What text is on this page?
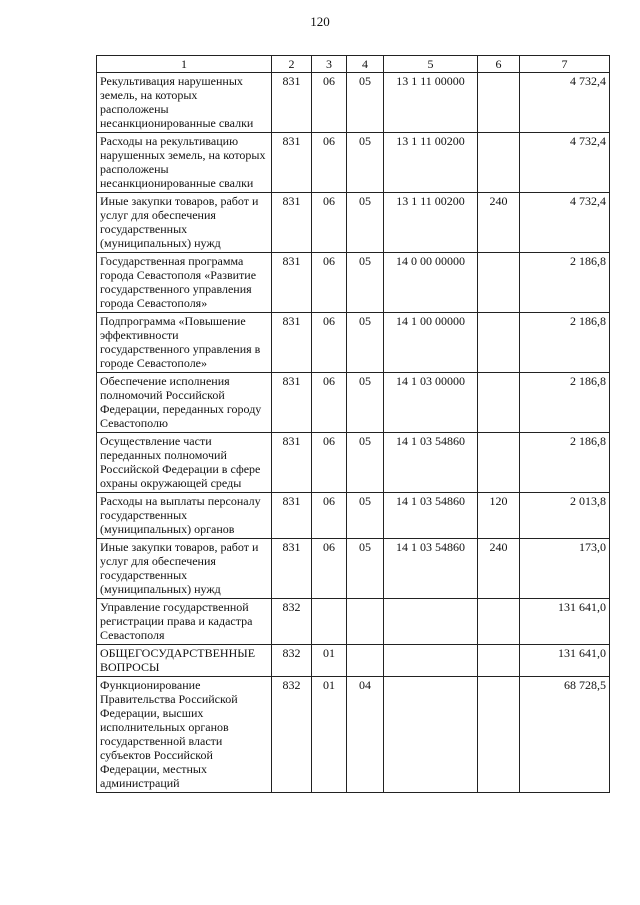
120
1	2	3	4	5	6	7
Рекультивация нарушенных земель, на которых расположены несанкционированные свалки	831	06	05	13 1 11 00000		4 732,4
Расходы на рекультивацию нарушенных земель, на которых расположены несанкционированные свалки	831	06	05	13 1 11 00200		4 732,4
Иные закупки товаров, работ и услуг для обеспечения государственных (муниципальных) нужд	831	06	05	13 1 11 00200	240	4 732,4
Государственная программа города Севастополя «Развитие государственного управления города Севастополя»	831	06	05	14 0 00 00000		2 186,8
Подпрограмма «Повышение эффективности государственного управления в городе Севастополе»	831	06	05	14 1 00 00000		2 186,8
Обеспечение исполнения полномочий Российской Федерации, переданных городу Севастополю	831	06	05	14 1 03 00000		2 186,8
Осуществление части переданных полномочий Российской Федерации в сфере охраны окружающей среды	831	06	05	14 1 03 54860		2 186,8
Расходы на выплаты персоналу государственных (муниципальных) органов	831	06	05	14 1 03 54860	120	2 013,8
Иные закупки товаров, работ и услуг для обеспечения государственных (муниципальных) нужд	831	06	05	14 1 03 54860	240	173,0
Управление государственной регистрации права и кадастра Севастополя	832					131 641,0
ОБЩЕГОСУДАРСТВЕННЫЕ ВОПРОСЫ	832	01				131 641,0
Функционирование Правительства Российской Федерации, высших исполнительных органов государственной власти субъектов Российской Федерации, местных администраций	832	01	04			68 728,5
